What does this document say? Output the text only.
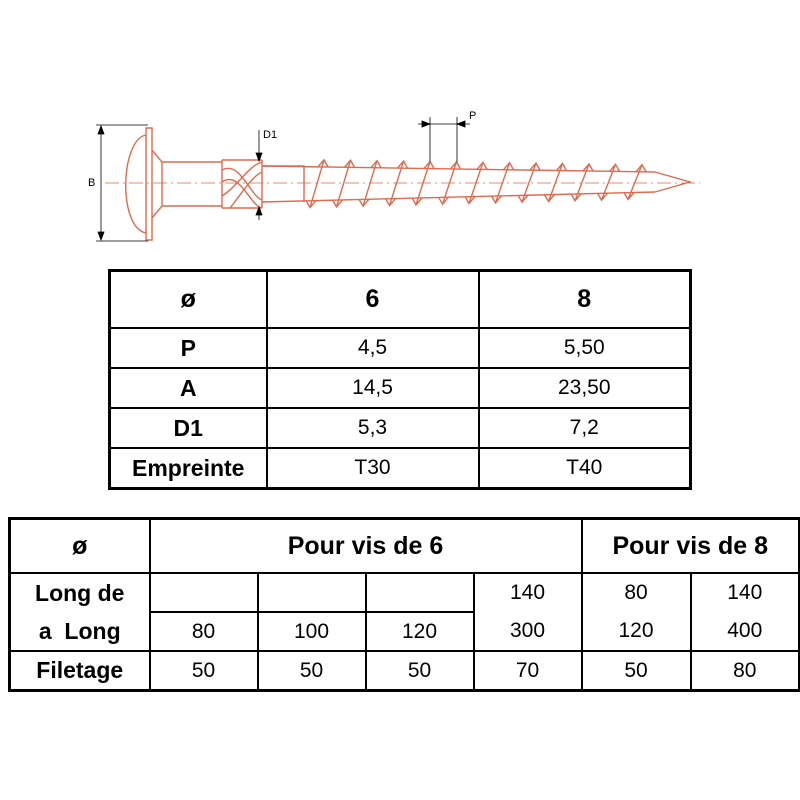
B
D1
P
ø	6	8
P	4,5	5,50
A	14,5	23,50
D1	5,3	7,2
Empreinte	T30	T40
ø	Pour vis de 6				Pour vis de 8	
Long de				140	80	140
a  Long	80	100	120	300	120	400
Filetage	50	50	50	70	50	80
